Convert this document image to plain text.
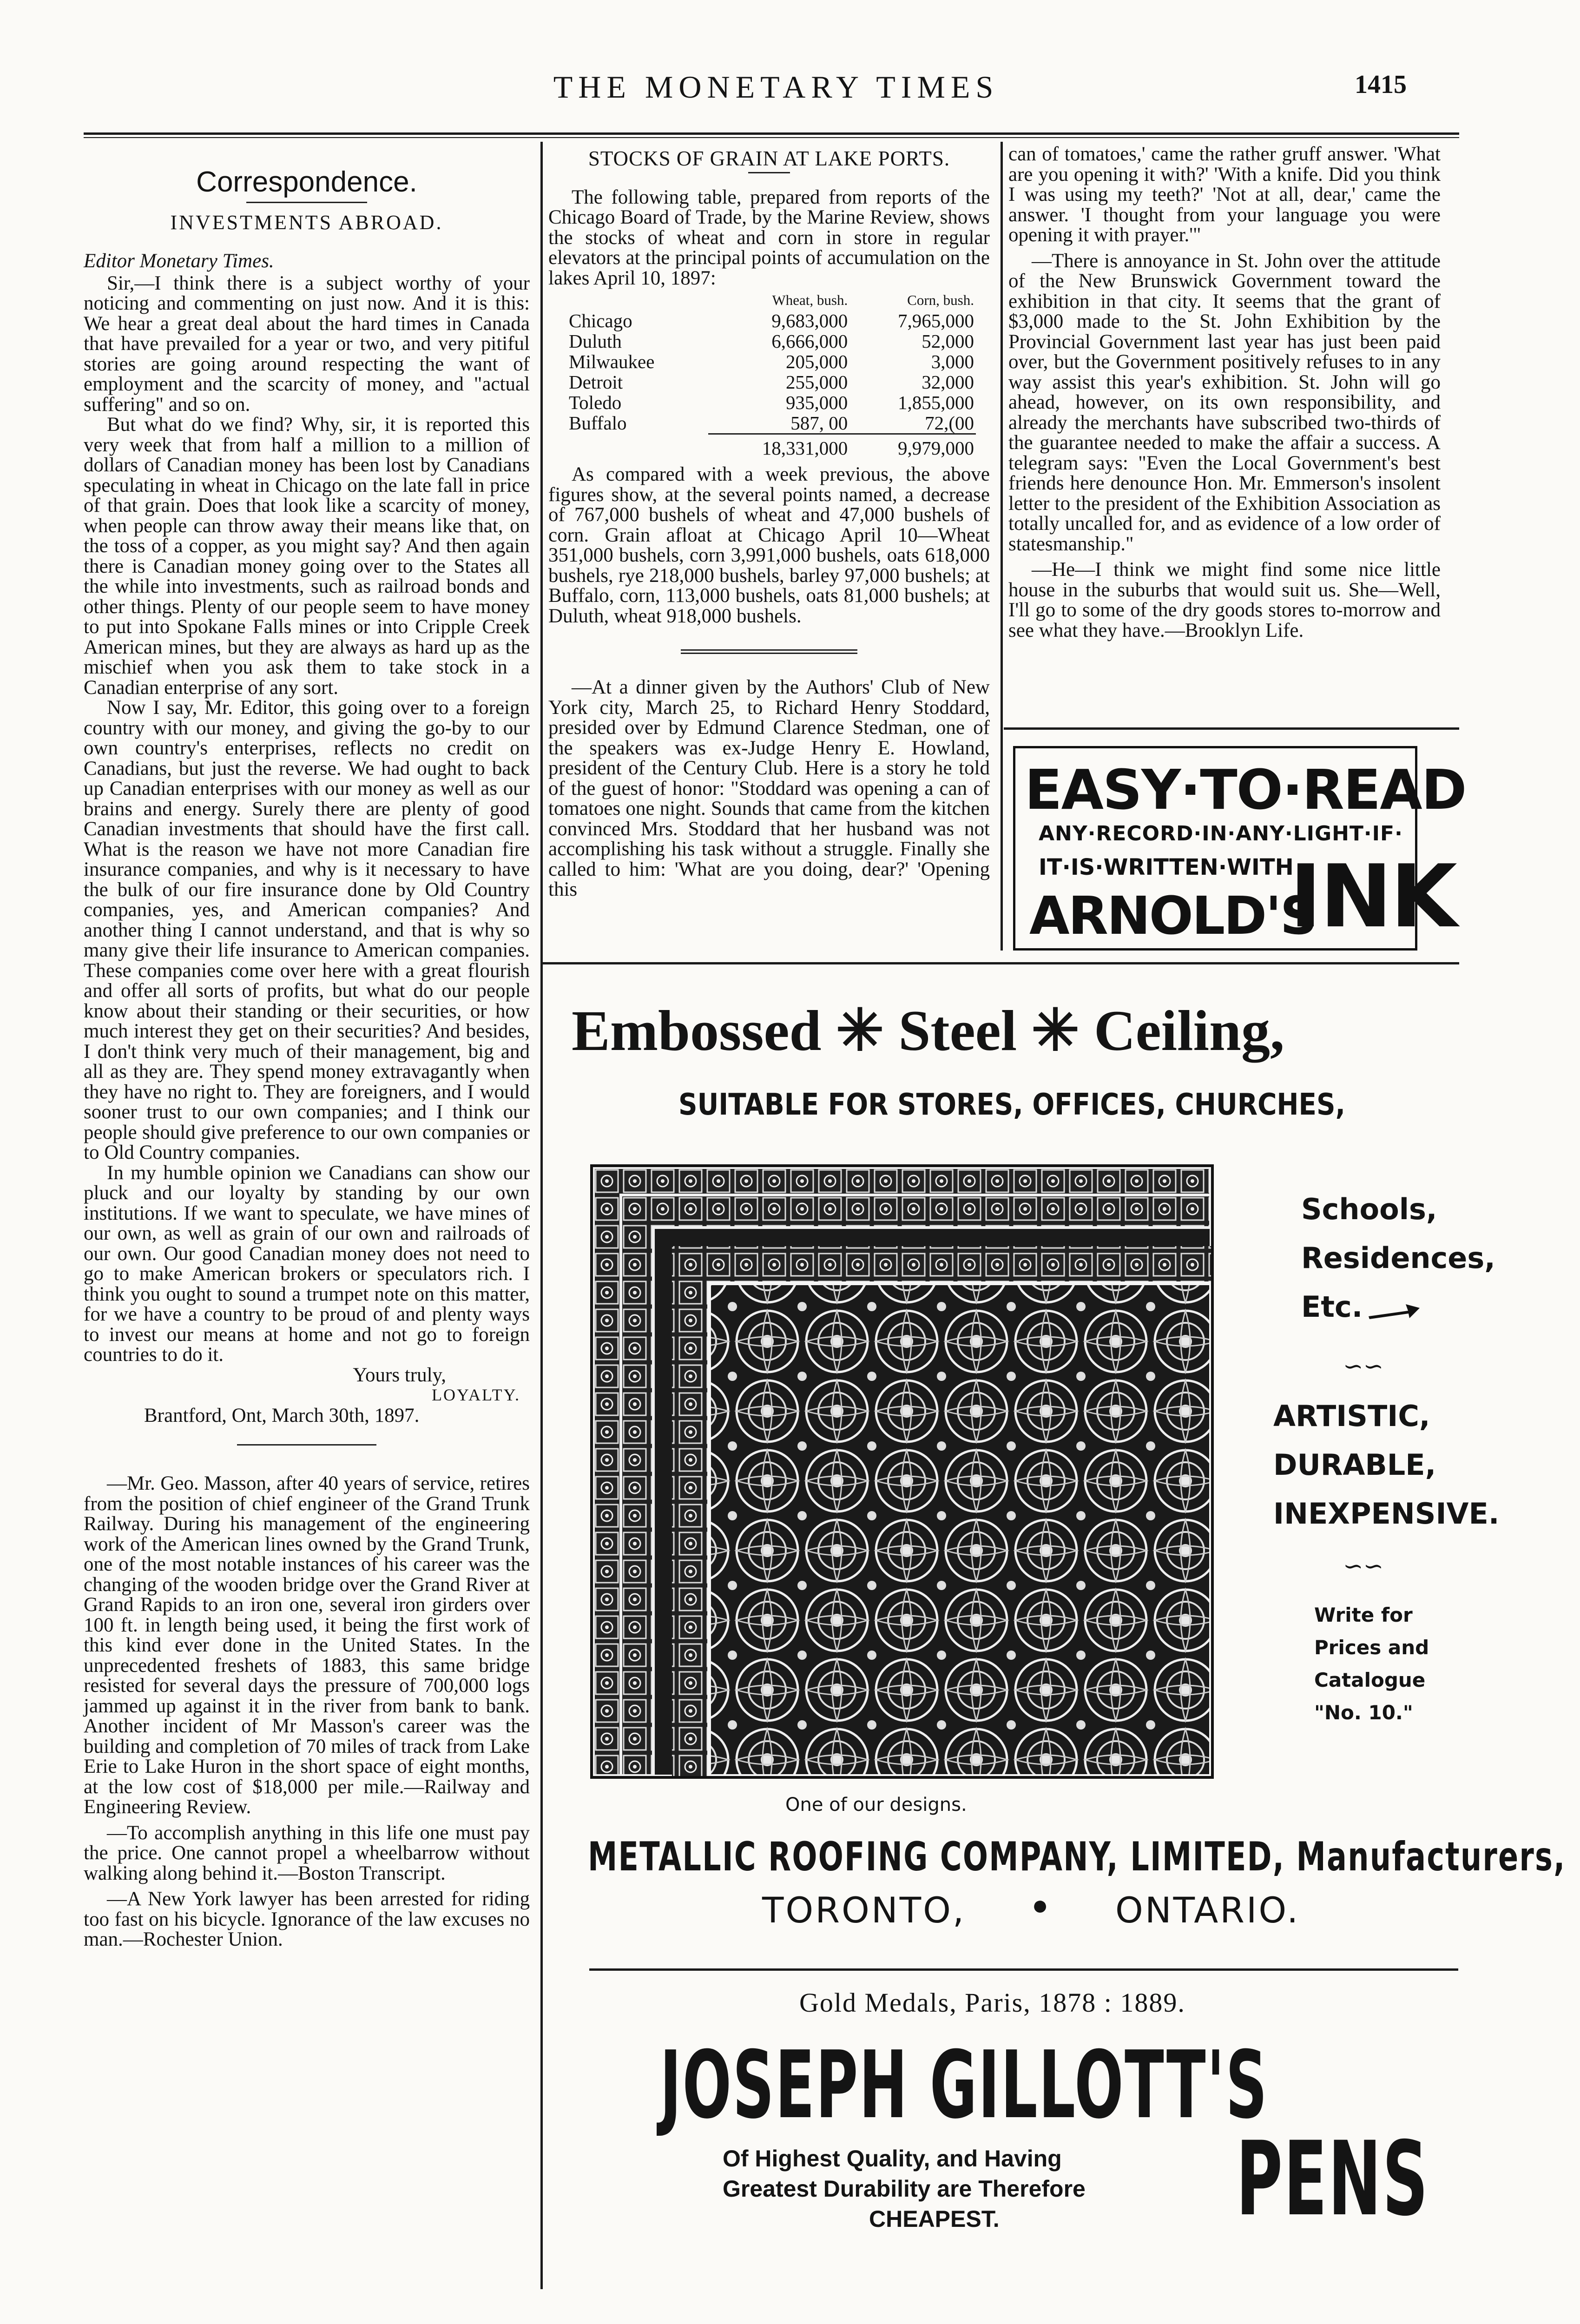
THE MONETARY TIMES	1415
Correspondence.
INVESTMENTS ABROAD.

Editor Monetary Times.

Sir,—I think there is a subject worthy of your noticing and commenting on just now. And it is this: We hear a great deal about the hard times in Canada that have prevailed for a year or two, and very pitiful stories are going around respecting the want of employment and the scarcity of money, and "actual suffering" and so on.

But what do we find? Why, sir, it is reported this very week that from half a million to a million of dollars of Canadian money has been lost by Canadians speculating in wheat in Chicago on the late fall in price of that grain. Does that look like a scarcity of money, when people can throw away their means like that, on the toss of a copper, as you might say? And then again there is Canadian money going over to the States all the while into investments, such as railroad bonds and other things. Plenty of our people seem to have money to put into Spokane Falls mines or into Cripple Creek American mines, but they are always as hard up as the mischief when you ask them to take stock in a Canadian enterprise of any sort.

Now I say, Mr. Editor, this going over to a foreign country with our money, and giving the go-by to our own country's enterprises, reflects no credit on Canadians, but just the reverse. We had ought to back up Canadian enterprises with our money as well as our brains and energy. Surely there are plenty of good Canadian investments that should have the first call. What is the reason we have not more Canadian fire insurance companies, and why is it necessary to have the bulk of our fire insurance done by Old Country companies, yes, and American companies? And another thing I cannot understand, and that is why so many give their life insurance to American companies. These companies come over here with a great flourish and offer all sorts of profits, but what do our people know about their standing or their securities, or how much interest they get on their securities? And besides, I don't think very much of their management, big and all as they are. They spend money extravagantly when they have no right to. They are foreigners, and I would sooner trust to our own companies; and I think our people should give preference to our own companies or to Old Country companies.

In my humble opinion we Canadians can show our pluck and our loyalty by standing by our own institutions. If we want to speculate, we have mines of our own, as well as grain of our own and railroads of our own. Our good Canadian money does not need to go to make American brokers or speculators rich. I think you ought to sound a trumpet note on this matter, for we have a country to be proud of and plenty ways to invest our means at home and not go to foreign countries to do it.

Yours truly,
LOYALTY.
Brantford, Ont, March 30th, 1897.

—Mr. Geo. Masson, after 40 years of service, retires from the position of chief engineer of the Grand Trunk Railway. During his management of the engineering work of the American lines owned by the Grand Trunk, one of the most notable instances of his career was the changing of the wooden bridge over the Grand River at Grand Rapids to an iron one, several iron girders over 100 ft. in length being used, it being the first work of this kind ever done in the United States. In the unprecedented freshets of 1883, this same bridge resisted for several days the pressure of 700,000 logs jammed up against it in the river from bank to bank. Another incident of Mr Masson's career was the building and completion of 70 miles of track from Lake Erie to Lake Huron in the short space of eight months, at the low cost of $18,000 per mile.—Railway and Engineering Review.

—To accomplish anything in this life one must pay the price. One cannot propel a wheelbarrow without walking along behind it.—Boston Transcript.

—A New York lawyer has been arrested for riding too fast on his bicycle. Ignorance of the law excuses no man.—Rochester Union.

STOCKS OF GRAIN AT LAKE PORTS.

The following table, prepared from reports of the Chicago Board of Trade, by the Marine Review, shows the stocks of wheat and corn in store in regular elevators at the principal points of accumulation on the lakes April 10, 1897:

	Wheat, bush.	Corn, bush.
Chicago	9,683,000	7,965,000
Duluth	6,666,000	52,000
Milwaukee	205,000	3,000
Detroit	255,000	32,000
Toledo	935,000	1,855,000
Buffalo	587, 00	72,(00
	18,331,000	9,979,000

As compared with a week previous, the above figures show, at the several points named, a decrease of 767,000 bushels of wheat and 47,000 bushels of corn. Grain afloat at Chicago April 10—Wheat 351,000 bushels, corn 3,991,000 bushels, oats 618,000 bushels, rye 218,000 bushels, barley 97,000 bushels; at Buffalo, corn, 113,000 bushels, oats 81,000 bushels; at Duluth, wheat 918,000 bushels.

—At a dinner given by the Authors' Club of New York city, March 25, to Richard Henry Stoddard, presided over by Edmund Clarence Stedman, one of the speakers was ex-Judge Henry E. Howland, president of the Century Club. Here is a story he told of the guest of honor: "Stoddard was opening a can of tomatoes one night. Sounds that came from the kitchen convinced Mrs. Stoddard that her husband was not accomplishing his task without a struggle. Finally she called to him: 'What are you doing, dear?' 'Opening this

can of tomatoes,' came the rather gruff answer. 'What are you opening it with?' 'With a knife. Did you think I was using my teeth?' 'Not at all, dear,' came the answer. 'I thought from your language you were opening it with prayer.'"

—There is annoyance in St. John over the attitude of the New Brunswick Government toward the exhibition in that city. It seems that the grant of $3,000 made to the St. John Exhibition by the Provincial Government last year has just been paid over, but the Government positively refuses to in any way assist this year's exhibition. St. John will go ahead, however, on its own responsibility, and already the merchants have subscribed two-thirds of the guarantee needed to make the affair a success. A telegram says: "Even the Local Government's best friends here denounce Hon. Mr. Emmerson's insolent letter to the president of the Exhibition Association as totally uncalled for, and as evidence of a low order of statesmanship."

—He—I think we might find some nice little house in the suburbs that would suit us. She—Well, I'll go to some of the dry goods stores to-morrow and see what they have.—Brooklyn Life.

EASY·TO·READ
ANY·RECORD·IN·ANY·LIGHT·IF·
IT·IS·WRITTEN·WITH
ARNOLD'S
INK
Embossed ✳ Steel ✳ Ceiling,
SUITABLE FOR STORES, OFFICES, CHURCHES,
Schools,
Residences,
Etc.
∽∽
ARTISTIC,
DURABLE,
INEXPENSIVE.
∽∽
Write for
Prices and
Catalogue
"No. 10."
One of our designs.
METALLIC ROOFING COMPANY, LIMITED, Manufacturers,
TORONTO, ● ONTARIO.
Gold Medals, Paris, 1878 : 1889.
JOSEPH GILLOTT'S
Of Highest Quality, and Having
Greatest Durability are Therefore
CHEAPEST. PENS
